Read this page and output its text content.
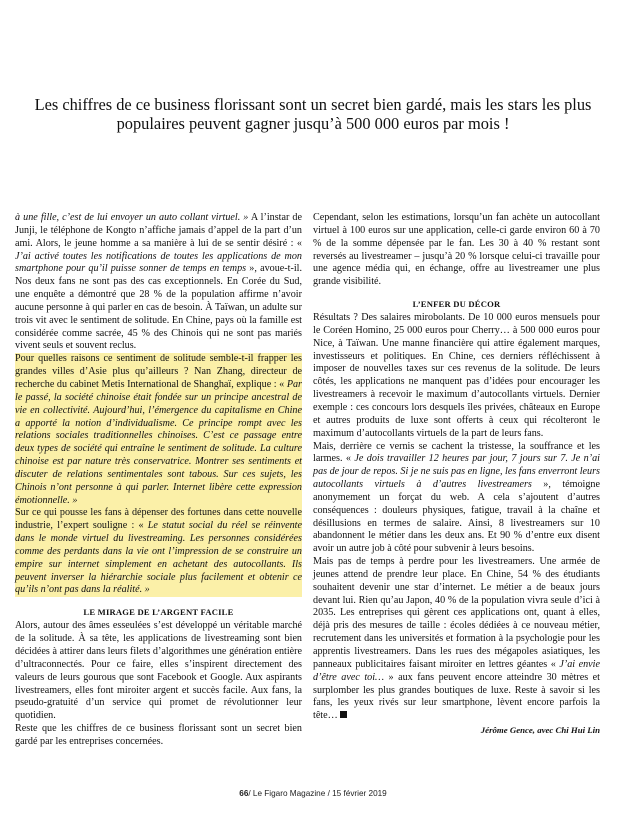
Les chiffres de ce business florissant sont un secret bien gardé, mais les stars les plus populaires peuvent gagner jusqu’à 500 000 euros par mois !

à une fille, c’est de lui envoyer un auto collant virtuel. » A l’instar de Junji, le téléphone de Kongto n’affiche jamais d’appel de la part d’un ami. Alors, le jeune homme a sa manière à lui de se sentir désiré : « J’ai activé toutes les notifications de toutes les applications de mon smartphone pour qu’il puisse sonner de temps en temps », avoue-t-il. Nos deux fans ne sont pas des cas exceptionnels. En Corée du Sud, une enquête a démontré que 28 % de la population affirme n’avoir aucune personne à qui parler en cas de besoin. À Taïwan, un adulte sur trois vit avec le sentiment de solitude. En Chine, pays où la famille est considérée comme sacrée, 45 % des Chinois qui ne sont pas mariés vivent seuls et souvent reclus.

Pour quelles raisons ce sentiment de solitude semble-t-il frapper les grandes villes d’Asie plus qu’ailleurs ? Nan Zhang, directeur de recherche du cabinet Metis International de Shanghaï, explique : « Par le passé, la société chinoise était fondée sur un principe ancestral de vie en collectivité. Aujourd’hui, l’émergence du capitalisme en Chine a apporté la notion d’individualisme. Ce principe rompt avec les relations sociales traditionnelles chinoises. C’est ce passage entre deux types de société qui entraîne le sentiment de solitude. La culture chinoise est par nature très conservatrice. Montrer ses sentiments et discuter de relations sentimentales sont tabous. Sur ces sujets, les Chinois n’ont personne à qui parler. Internet libère cette expression émotionnelle. »

Sur ce qui pousse les fans à dépenser des fortunes dans cette nouvelle industrie, l’expert souligne : « Le statut social du réel se réinvente dans le monde virtuel du livestreaming. Les personnes considérées comme des perdants dans la vie ont l’impression de se construire un empire sur internet simplement en achetant des autocollants. Ils peuvent inverser la hiérarchie sociale plus facilement et obtenir ce qu’ils n’ont pas dans la réalité. »

LE MIRAGE DE L’ARGENT FACILE

Alors, autour des âmes esseulées s’est développé un véritable marché de la solitude. À sa tête, les applications de livestreaming sont bien décidées à attirer dans leurs filets d’algorithmes une génération entière d’ultraconnectés. Pour ce faire, elles s’inspirent directement des valeurs de leurs gourous que sont Facebook et Google. Aux aspirants livestreamers, elles font miroiter argent et succès facile. Aux fans, la pseudo-gratuité d’un service qui promet de révolutionner leur quotidien.

Reste que les chiffres de ce business florissant sont un secret bien gardé par les entreprises concernées.

Cependant, selon les estimations, lorsqu’un fan achète un autocollant virtuel à 100 euros sur une application, celle-ci garde environ 60 à 70 % de la somme dépensée par le fan. Les 30 à 40 % restant sont reversés au livestreamer – jusqu’à 20 % lorsque celui-ci travaille pour une agence média qui, en échange, offre au livestreamer une plus grande visibilité.

L’ENFER DU DÉCOR

Résultats ? Des salaires mirobolants. De 10 000 euros mensuels pour le Coréen Homino, 25 000 euros pour Cherry… à 500 000 euros pour Nice, à Taïwan. Une manne financière qui attire également marques, investisseurs et politiques. En Chine, ces derniers réfléchissent à imposer de nouvelles taxes sur ces revenus de la solitude. De leurs côtés, les applications ne manquent pas d’idées pour encourager les livestreamers à recevoir le maximum d’autocollants virtuels. Dernier exemple : ces concours lors desquels îles privées, châteaux en Europe et autres produits de luxe sont offerts à ceux qui récolteront le maximum d’autocollants virtuels de la part de leurs fans.

Mais, derrière ce vernis se cachent la tristesse, la souffrance et les larmes. « Je dois travailler 12 heures par jour, 7 jours sur 7. Je n’ai pas de jour de repos. Si je ne suis pas en ligne, les fans enverront leurs autocollants virtuels à d’autres livestreamers », témoigne anonymement un forçat du web. A cela s’ajoutent d’autres conséquences : douleurs physiques, fatigue, travail à la chaîne et désillusions en termes de salaire. Ainsi, 8 livestreamers sur 10 abandonnent le métier dans les deux ans. Et 90 % d’entre eux disent avoir un autre job à côté pour subvenir à leurs besoins.

Mais pas de temps à perdre pour les livestreamers. Une armée de jeunes attend de prendre leur place. En Chine, 54 % des étudiants souhaitent devenir une star d’internet. Le métier a de beaux jours devant lui. Rien qu’au Japon, 40 % de la population vivra seule d’ici à 2035. Les entreprises qui gèrent ces applications ont, quant à elles, déjà pris des mesures de taille : écoles dédiées à ce nouveau métier, recrutement dans les universités et formation à la psychologie pour les apprentis livestreamers. Dans les rues des mégapoles asiatiques, les panneaux publicitaires faisant miroiter en lettres géantes « J’ai envie d’être avec toi… » aux fans peuvent encore atteindre 30 mètres et surplomber les plus grandes boutiques de luxe. Reste à savoir si les fans, les yeux rivés sur leur smartphone, lèvent encore parfois la tête…

Jérôme Gence, avec Chi Hui Lin
66/ Le Figaro Magazine / 15 février 2019
